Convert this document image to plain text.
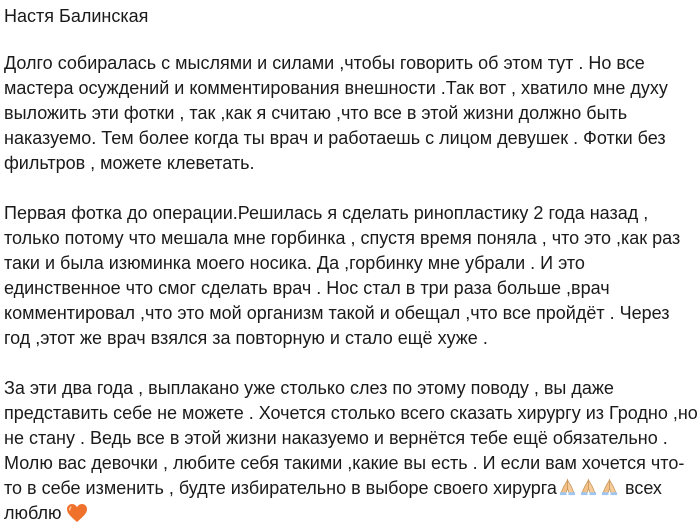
Настя Балинская
Долго собиралась с мыслями и силами ,чтобы говорить об этом тут . Но все
мастера осуждений и комментирования внешности .Так вот , хватило мне духу
выложить эти фотки , так ,как я считаю ,что все в этой жизни должно быть
наказуемо. Тем более когда ты врач и работаешь с лицом девушек . Фотки без
фильтров , можете клеветать.
Первая фотка до операции.Решилась я сделать ринопластику 2 года назад ,
только потому что мешала мне горбинка , спустя время поняла , что это ,как раз
таки и была изюминка моего носика. Да ,горбинку мне убрали . И это
единственное что смог сделать врач . Нос стал в три раза больше ,врач
комментировал ,что это мой организм такой и обещал ,что все пройдёт . Через
год ,этот же врач взялся за повторную и стало ещё хуже .
За эти два года , выплакано уже столько слез по этому поводу , вы даже
представить себе не можете . Хочется столько всего сказать хирургу из Гродно ,но
не стану . Ведь все в этой жизни наказуемо и вернётся тебе ещё обязательно .
Молю вас девочки , любите себя такими ,какие вы есть . И если вам хочется что-
то в себе изменить , будте избирательно в выборе своего хирурга	всех
люблю
